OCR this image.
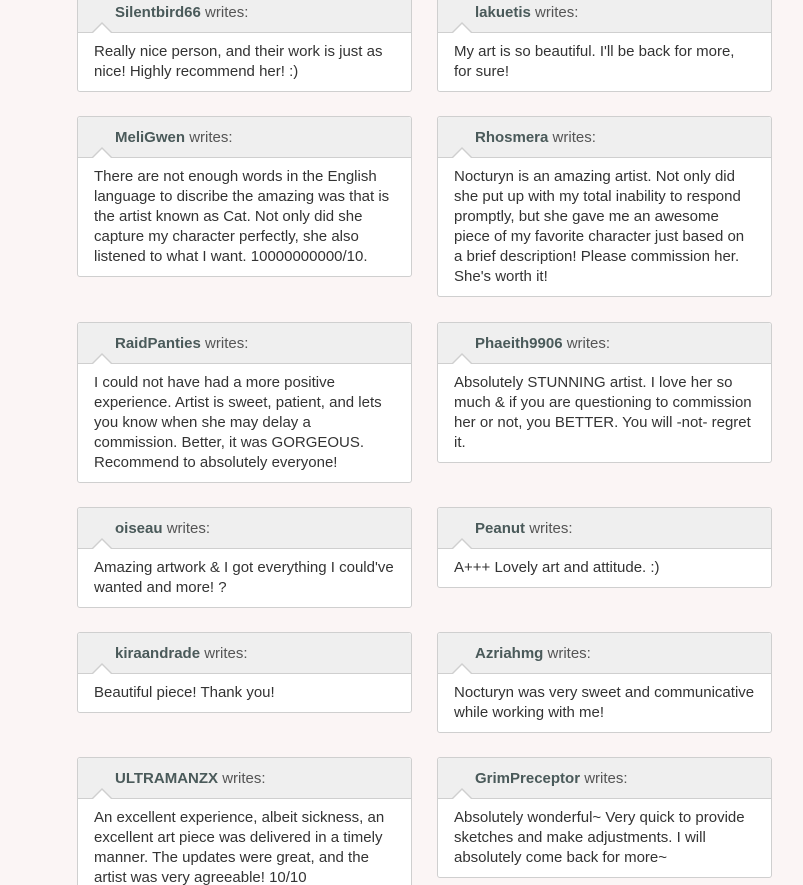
Silentbird66 writes:
Really nice person, and their work is just as nice! Highly recommend her! :)
lakuetis writes:
My art is so beautiful. I'll be back for more, for sure!
MeliGwen writes:
There are not enough words in the English language to discribe the amazing was that is the artist known as Cat. Not only did she capture my character perfectly, she also listened to what I want. 10000000000/10.
Rhosmera writes:
Nocturyn is an amazing artist. Not only did she put up with my total inability to respond promptly, but she gave me an awesome piece of my favorite character just based on a brief description! Please commission her. She's worth it!
RaidPanties writes:
I could not have had a more positive experience. Artist is sweet, patient, and lets you know when she may delay a commission. Better, it was GORGEOUS. Recommend to absolutely everyone!
Phaeith9906 writes:
Absolutely STUNNING artist. I love her so much & if you are questioning to commission her or not, you BETTER. You will -not- regret it.
oiseau writes:
Amazing artwork & I got everything I could've wanted and more! ?
Peanut writes:
A+++ Lovely art and attitude. :)
kiraandrade writes:
Beautiful piece! Thank you!
Azriahmg writes:
Nocturyn was very sweet and communicative while working with me!
ULTRAMANZX writes:
An excellent experience, albeit sickness, an excellent art piece was delivered in a timely manner. The updates were great, and the artist was very agreeable! 10/10
GrimPreceptor writes:
Absolutely wonderful~ Very quick to provide sketches and make adjustments. I will absolutely come back for more~
